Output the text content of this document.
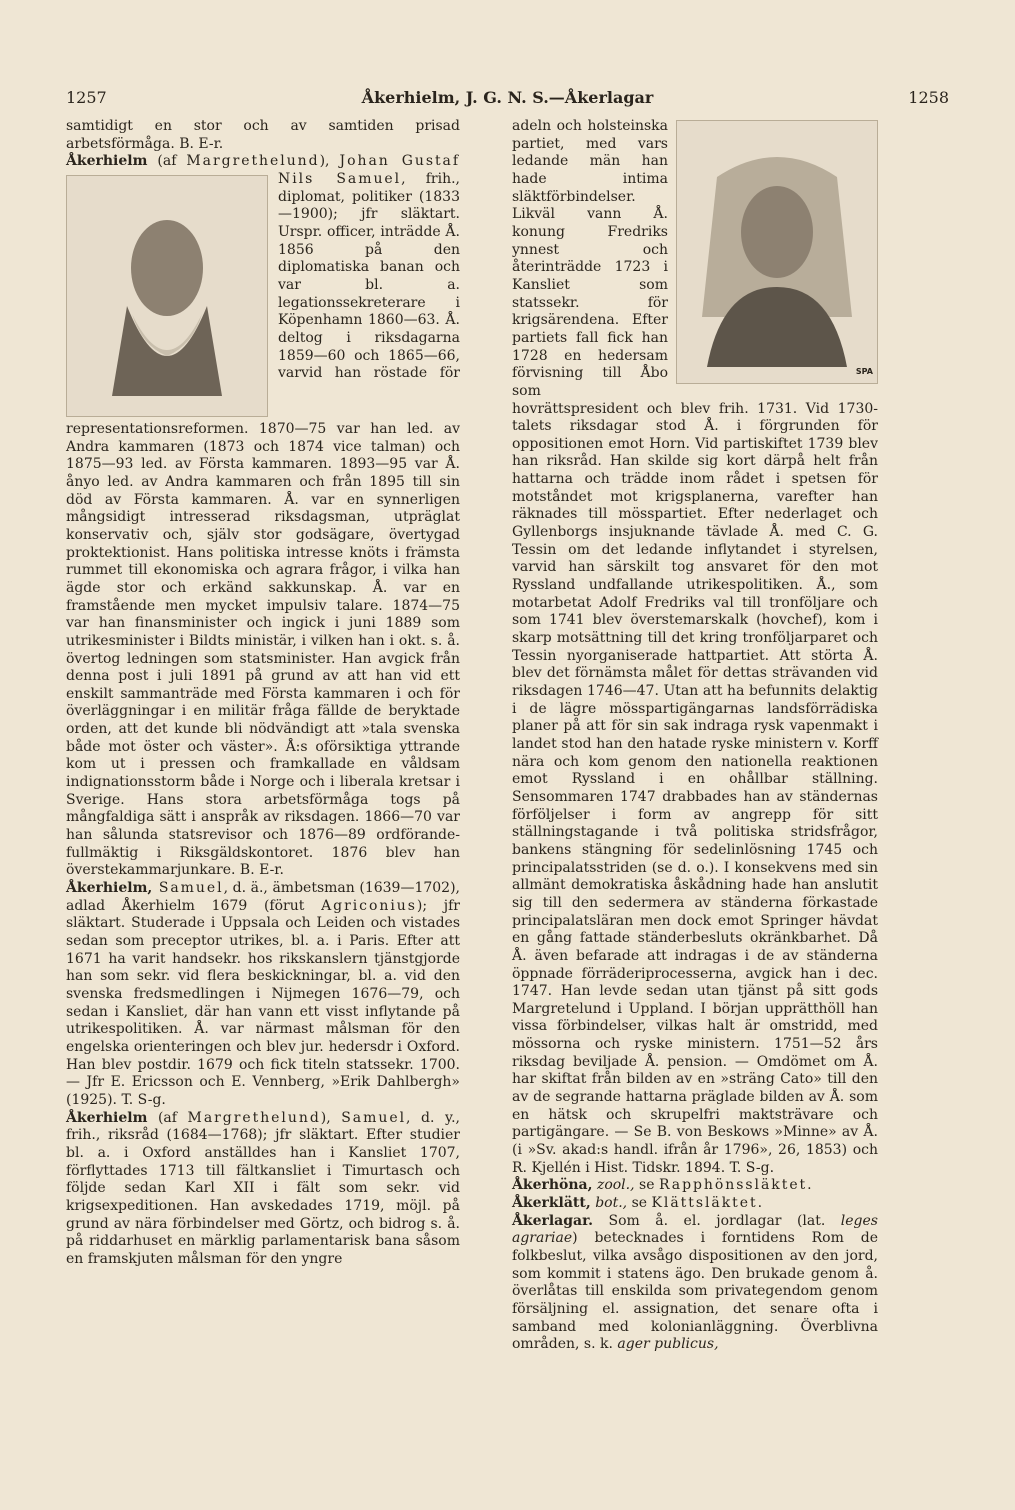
1257	Åkerhielm, J. G. N. S.—Åkerlagar	1258

samtidigt en stor och av samtiden prisad arbetsförmåga. B. E-r.

Åkerhielm (af Margrethelund), Johan Gustaf Nils Samuel
, frih., diplomat, politiker (1833—1900); jfr släktart. Urspr. officer, inträdde Å. 1856 på den diplomatiska banan och var bl. a. legationssekreterare i Köpenhamn 1860—63. Å. deltog i riksdagarna 1859—60 och 1865—66, varvid han röstade för representationsreformen. 1870—75 var han led. av Andra kammaren (1873 och 1874 vice talman) och 1875—93 led. av Första kammaren. 1893—95 var Å. ånyo led. av Andra kammaren och från 1895 till sin död av Första kammaren. Å. var en synnerligen mångsidigt intresserad riksdagsman, utpräglat konservativ och, själv stor godsägare, övertygad proktektionist. Hans politiska intresse knöts i främsta rummet till ekonomiska och agrara frågor, i vilka han ägde stor och erkänd sakkunskap. Å. var en framstående men mycket impulsiv talare. 1874—75 var han finansminister och ingick i juni 1889 som utrikesminister i Bildts ministär, i vilken han i okt. s. å. övertog ledningen som statsminister. Han avgick från denna post i juli 1891 på grund av att han vid ett enskilt sammanträde med Första kammaren i och för överläggningar i en militär fråga fällde de beryktade orden, att det kunde bli nödvändigt att »tala svenska både mot öster och väster». Å:s oförsiktiga yttrande kom ut i pressen och framkallade en våldsam indignationsstorm både i Norge och i liberala kretsar i Sverige. Hans stora arbetsförmåga togs på mångfaldiga sätt i anspråk av riksdagen. 1866—70 var han sålunda statsrevisor och 1876—89 ordförande-fullmäktig i Riksgäldskontoret. 1876 blev han överstekammarjunkare. B. E-r.

Åkerhielm, Samuel, d. ä., ämbetsman (1639—1702), adlad Åkerhielm 1679 (förut Agriconius); jfr släktart. Studerade i Uppsala och Leiden och vistades sedan som preceptor utrikes, bl. a. i Paris. Efter att 1671 ha varit handsekr. hos rikskanslern tjänstgjorde han som sekr. vid flera beskickningar, bl. a. vid den svenska fredsmedlingen i Nijmegen 1676—79, och sedan i Kansliet, där han vann ett visst inflytande på utrikespolitiken. Å. var närmast målsman för den engelska orienteringen och blev jur. hedersdr i Oxford. Han blev postdir. 1679 och fick titeln statssekr. 1700. — Jfr E. Ericsson och E. Vennberg, »Erik Dahlbergh» (1925). T. S-g.

Åkerhielm (af Margrethelund), Samuel, d. y., frih., riksråd (1684—1768); jfr släktart. Efter studier bl. a. i Oxford anställdes han i Kansliet 1707, förflyttades 1713 till fältkansliet i Timurtasch och följde sedan Karl XII i fält som sekr. vid krigsexpeditionen. Han avskedades 1719, möjl. på grund av nära förbindelser med Görtz, och bidrog s. å. på riddarhuset en märklig parlamentarisk bana såsom en framskjuten målsman för den yngre

SPA
adeln och holsteinska partiet, med vars ledande män han hade intima släktförbindelser. Likväl vann Å. konung Fredriks ynnest och återinträdde 1723 i Kansliet som statssekr. för krigsärendena. Efter partiets fall fick han 1728 en hedersam förvisning till Åbo som hovrättspresident och blev frih. 1731. Vid 1730-talets riksdagar stod Å. i förgrunden för oppositionen emot Horn. Vid partiskiftet 1739 blev han riksråd. Han skilde sig kort därpå helt från hattarna och trädde inom rådet i spetsen för motståndet mot krigsplanerna, varefter han räknades till mösspartiet. Efter nederlaget och Gyllenborgs insjuknande tävlade Å. med C. G. Tessin om det ledande inflytandet i styrelsen, varvid han särskilt tog ansvaret för den mot Ryssland undfallande utrikespolitiken. Å., som motarbetat Adolf Fredriks val till tronföljare och som 1741 blev överstemarskalk (hovchef), kom i skarp motsättning till det kring tronföljarparet och Tessin nyorganiserade hattpartiet. Att störta Å. blev det förnämsta målet för dettas strävanden vid riksdagen 1746—47. Utan att ha befunnits delaktig i de lägre mösspartigängarnas landsförrädiska planer på att för sin sak indraga rysk vapenmakt i landet stod han den hatade ryske ministern v. Korff nära och kom genom den nationella reaktionen emot Ryssland i en ohållbar ställning. Sensommaren 1747 drabbades han av ständernas förföljelser i form av angrepp för sitt ställningstagande i två politiska stridsfrågor, bankens stängning för sedelinlösning 1745 och principalatsstriden (se d. o.). I konsekvens med sin allmänt demokratiska åskådning hade han anslutit sig till den sedermera av ständerna förkastade principalatsläran men dock emot Springer hävdat en gång fattade ständerbesluts okränkbarhet. Då Å. även befarade att indragas i de av ständerna öppnade förräderiprocesserna, avgick han i dec. 1747. Han levde sedan utan tjänst på sitt gods Margretelund i Uppland. I början upprätthöll han vissa förbindelser, vilkas halt är omstridd, med mössorna och ryske ministern. 1751—52 års riksdag beviljade Å. pension. — Omdömet om Å. har skiftat från bilden av en »sträng Cato» till den av de segrande hattarna präglade bilden av Å. som en hätsk och skrupelfri maktsträvare och partigängare. — Se B. von Beskows »Minne» av Å. (i »Sv. akad:s handl. ifrån år 1796», 26, 1853) och R. Kjellén i Hist. Tidskr. 1894. T. S-g.

Åkerhöna, zool., se Rapphönssläktet.

Åkerklätt, bot., se Klättsläktet.

Åkerlagar. Som å. el. jordlagar (lat. leges agrariae) betecknades i forntidens Rom de folkbeslut, vilka avsågo dispositionen av den jord, som kommit i statens ägo. Den brukade genom å. överlåtas till enskilda som privategendom genom försäljning el. assignation, det senare ofta i samband med kolonianläggning. Överblivna områden, s. k. ager publicus,
